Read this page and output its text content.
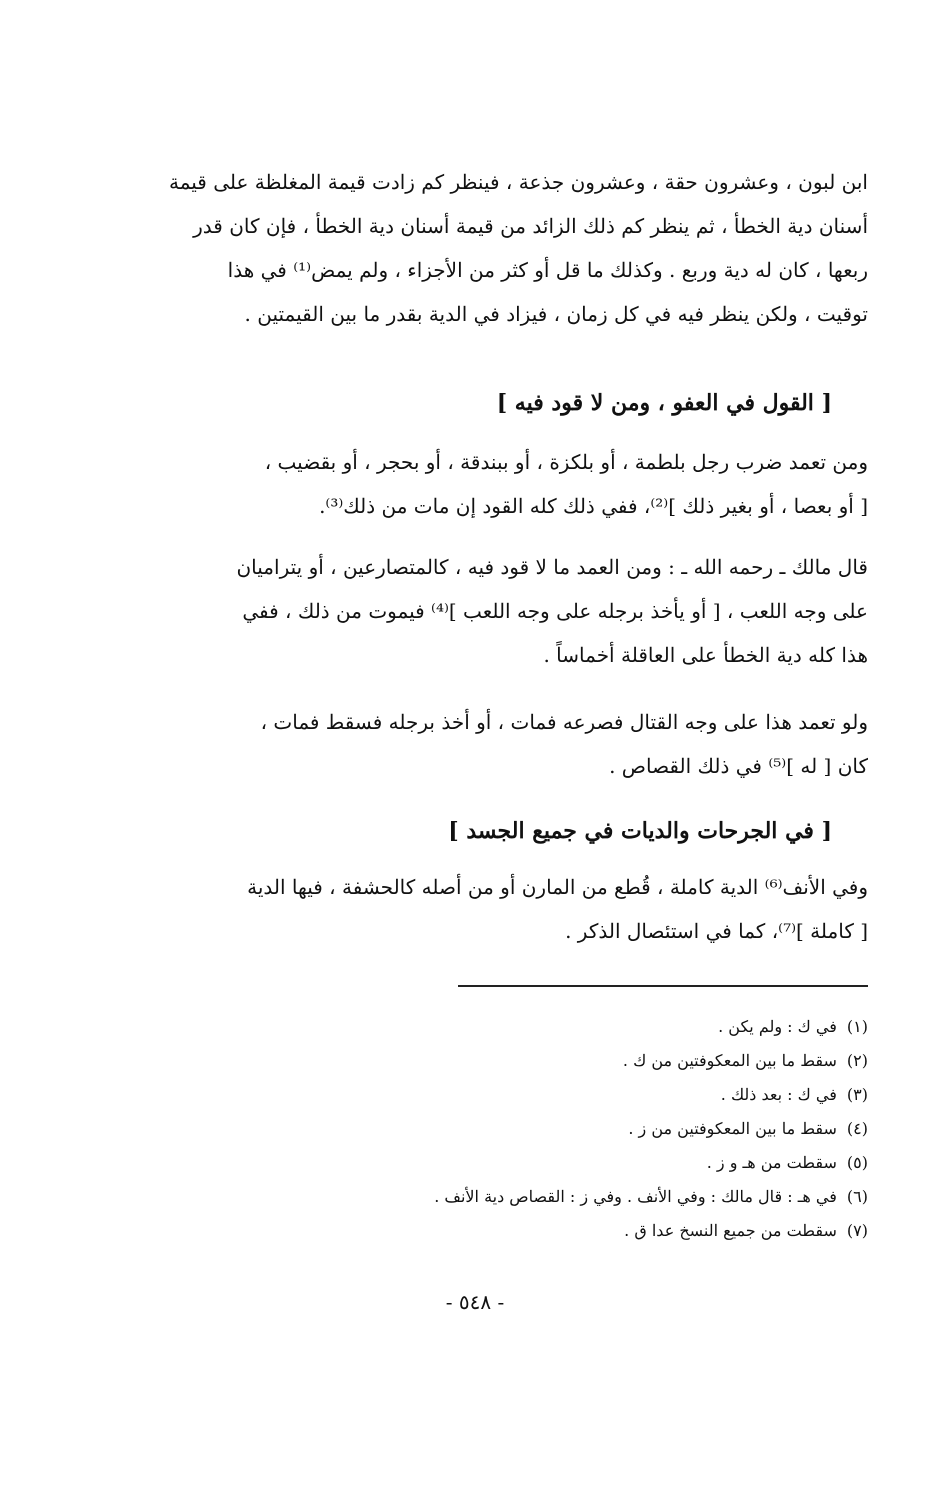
ابن لبون ، وعشرون حقة ، وعشرون جذعة ، فينظر كم زادت قيمة المغلظة على قيمة
أسنان دية الخطأ ، ثم ينظر كم ذلك الزائد من قيمة أسنان دية الخطأ ، فإن كان قدر
ربعها ، كان له دية وربع . وكذلك ما قل أو كثر من الأجزاء ، ولم يمض⁽¹⁾ في هذا
توقيت ، ولكن ينظر فيه في كل زمان ، فيزاد في الدية بقدر ما بين القيمتين .
[ القول في العفو ، ومن لا قود فيه ]
ومن تعمد ضرب رجل بلطمة ، أو بلكزة ، أو ببندقة ، أو بحجر ، أو بقضيب ،
[ أو بعصا ، أو بغير ذلك ]⁽²⁾، ففي ذلك كله القود إن مات من ذلك⁽³⁾.
قال مالك ـ رحمه الله ـ : ومن العمد ما لا قود فيه ، كالمتصارعين ، أو يتراميان
على وجه اللعب ، [ أو يأخذ برجله على وجه اللعب ]⁽⁴⁾ فيموت من ذلك ، ففي
هذا كله دية الخطأ على العاقلة أخماساً .
ولو تعمد هذا على وجه القتال فصرعه فمات ، أو أخذ برجله فسقط فمات ،
كان [ له ]⁽⁵⁾ في ذلك القصاص .
[ في الجرحات والديات في جميع الجسد ]
وفي الأنف⁽⁶⁾ الدية كاملة ، قُطع من المارن أو من أصله كالحشفة ، فيها الدية
[ كاملة ]⁽⁷⁾، كما في استئصال الذكر .
(١)في ك : ولم يكن .
(٢)سقط ما بين المعكوفتين من ك .
(٣)في ك : بعد ذلك .
(٤)سقط ما بين المعكوفتين من ز .
(٥)سقطت من هـ و ز .
(٦)في هـ : قال مالك : وفي الأنف . وفي ز : القصاص دية الأنف .
(٧)سقطت من جميع النسخ عدا ق .
- ٥٤٨ -
